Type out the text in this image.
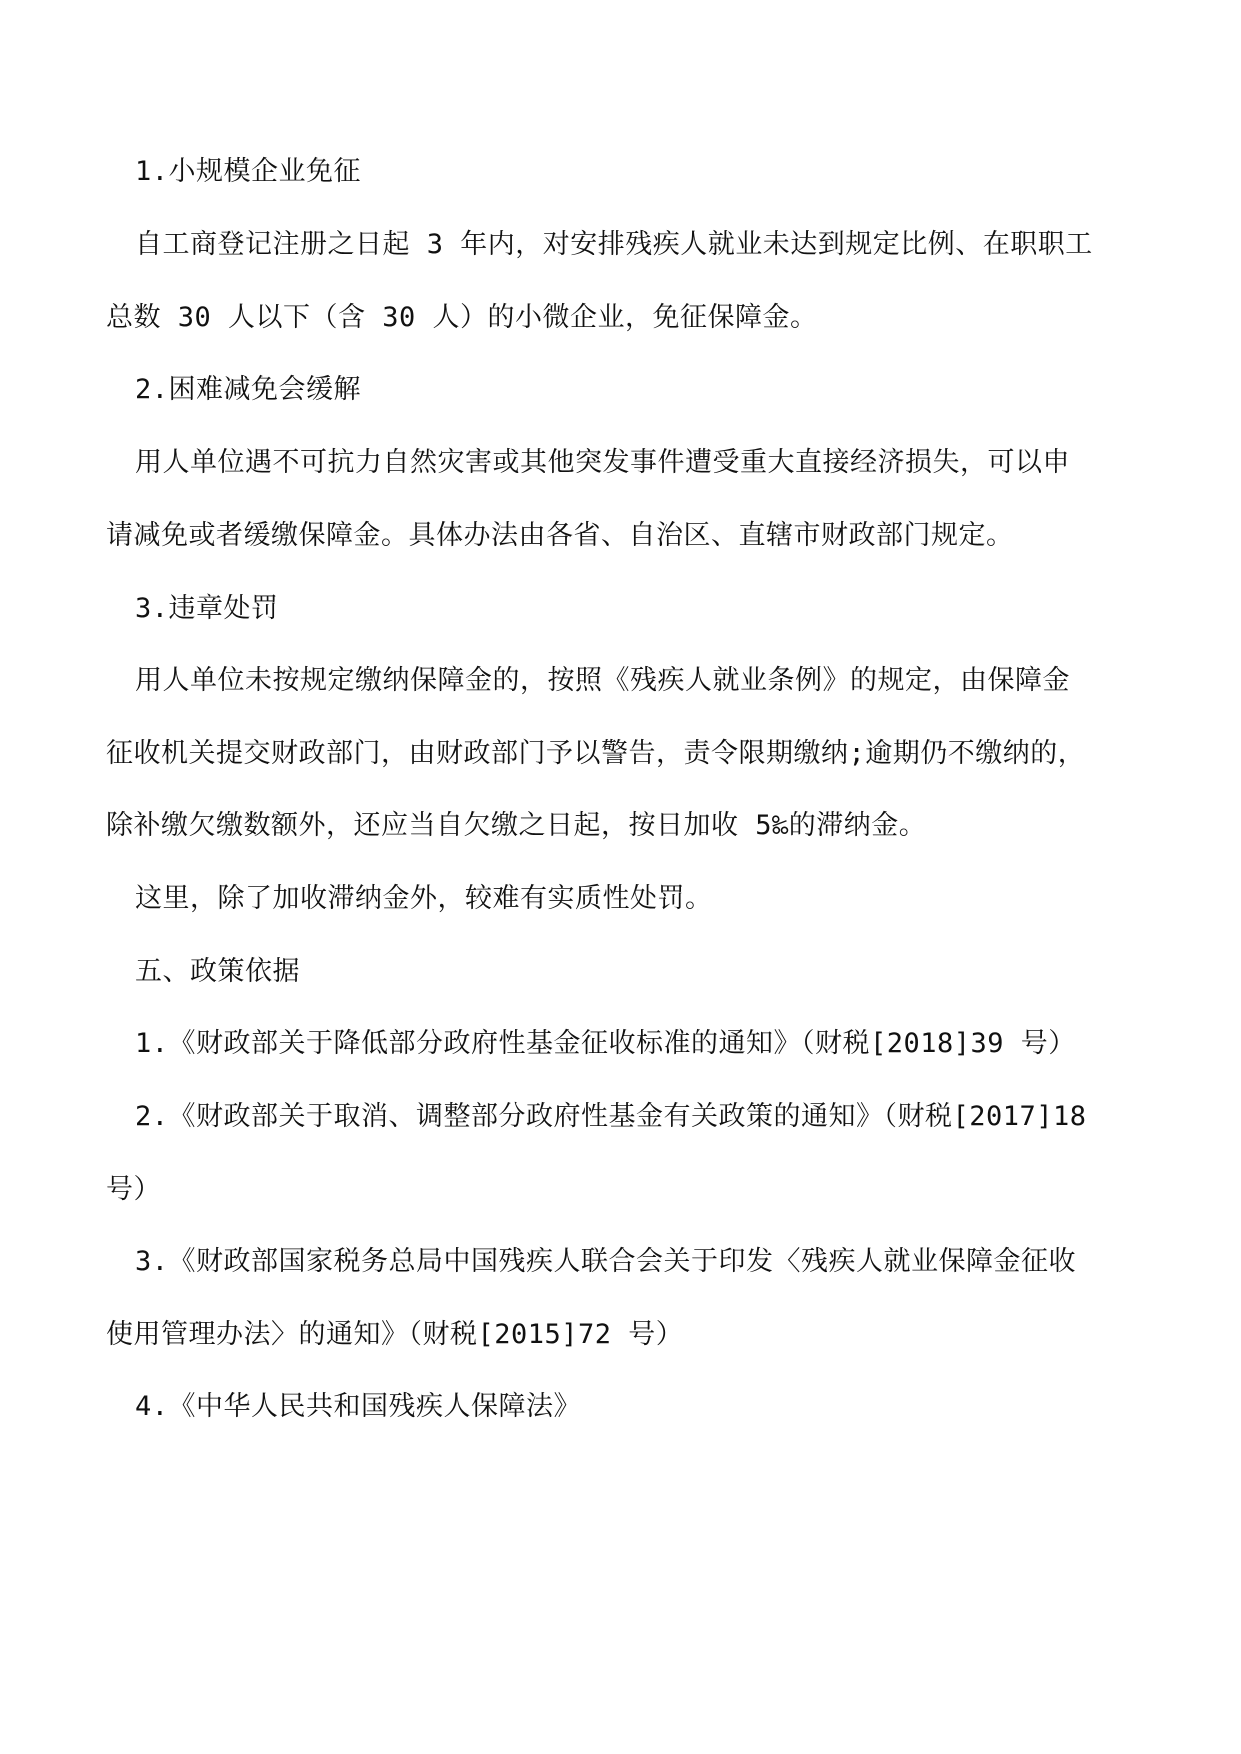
1.小规模企业免征
自工商登记注册之日起 3 年内，对安排残疾人就业未达到规定比例、在职职工
总数 30 人以下（含 30 人）的小微企业，免征保障金。
2.困难减免会缓解
用人单位遇不可抗力自然灾害或其他突发事件遭受重大直接经济损失，可以申
请减免或者缓缴保障金。具体办法由各省、自治区、直辖市财政部门规定。
3.违章处罚
用人单位未按规定缴纳保障金的，按照《残疾人就业条例》的规定，由保障金
征收机关提交财政部门，由财政部门予以警告，责令限期缴纳;逾期仍不缴纳的，
除补缴欠缴数额外，还应当自欠缴之日起，按日加收 5‰的滞纳金。
这里，除了加收滞纳金外，较难有实质性处罚。
五、政策依据
1.《财政部关于降低部分政府性基金征收标准的通知》（财税[2018]39 号）
2.《财政部关于取消、调整部分政府性基金有关政策的通知》（财税[2017]18
号）
3.《财政部国家税务总局中国残疾人联合会关于印发〈残疾人就业保障金征收
使用管理办法〉的通知》（财税[2015]72 号）
4.《中华人民共和国残疾人保障法》
